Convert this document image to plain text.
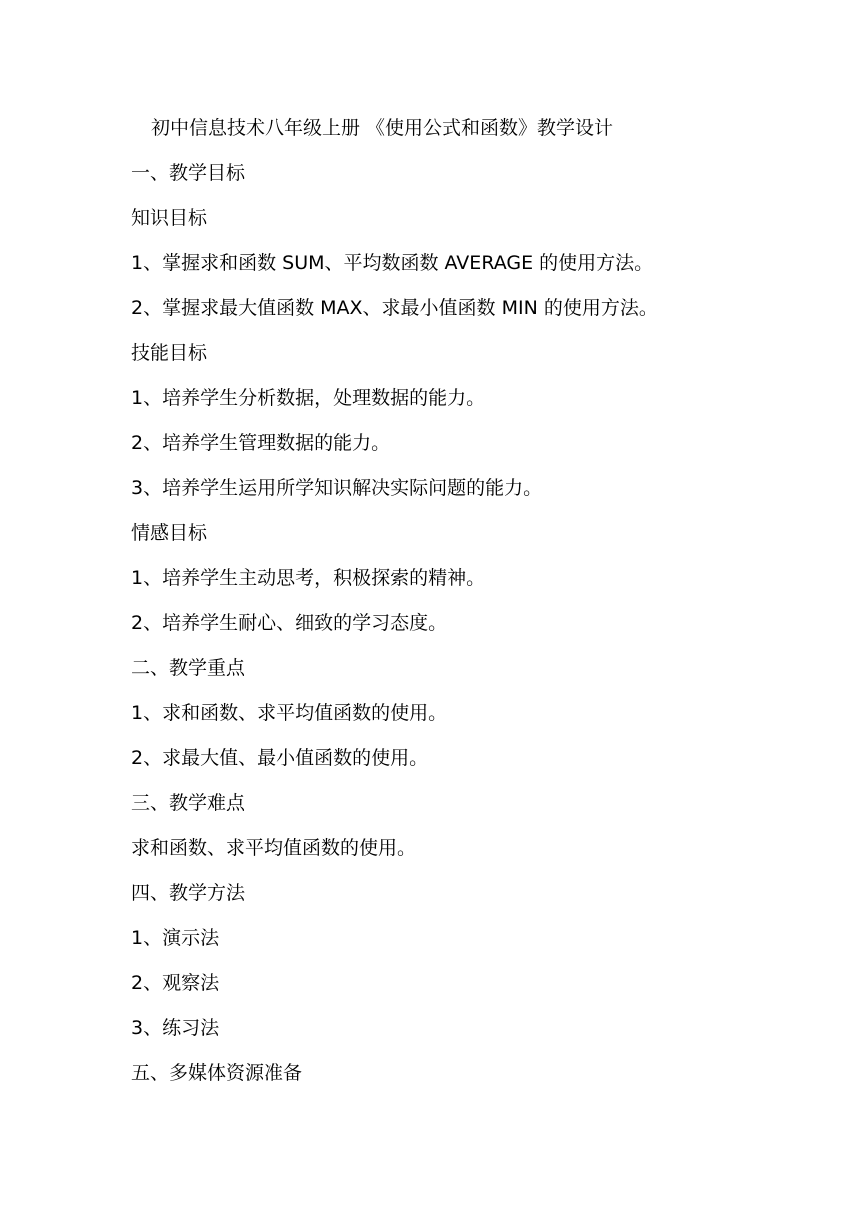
初中信息技术八年级上册 《使用公式和函数》教学设计
一、教学目标
知识目标
1、掌握求和函数 SUM、平均数函数 AVERAGE 的使用方法。
2、掌握求最大值函数 MAX、求最小值函数 MIN 的使用方法。
技能目标
1、培养学生分析数据，处理数据的能力。
2、培养学生管理数据的能力。
3、培养学生运用所学知识解决实际问题的能力。
情感目标
1、培养学生主动思考，积极探索的精神。
2、培养学生耐心、细致的学习态度。
二、教学重点
1、求和函数、求平均值函数的使用。
2、求最大值、最小值函数的使用。
三、教学难点
求和函数、求平均值函数的使用。
四、教学方法
1、演示法
2、观察法
3、练习法
五、多媒体资源准备
